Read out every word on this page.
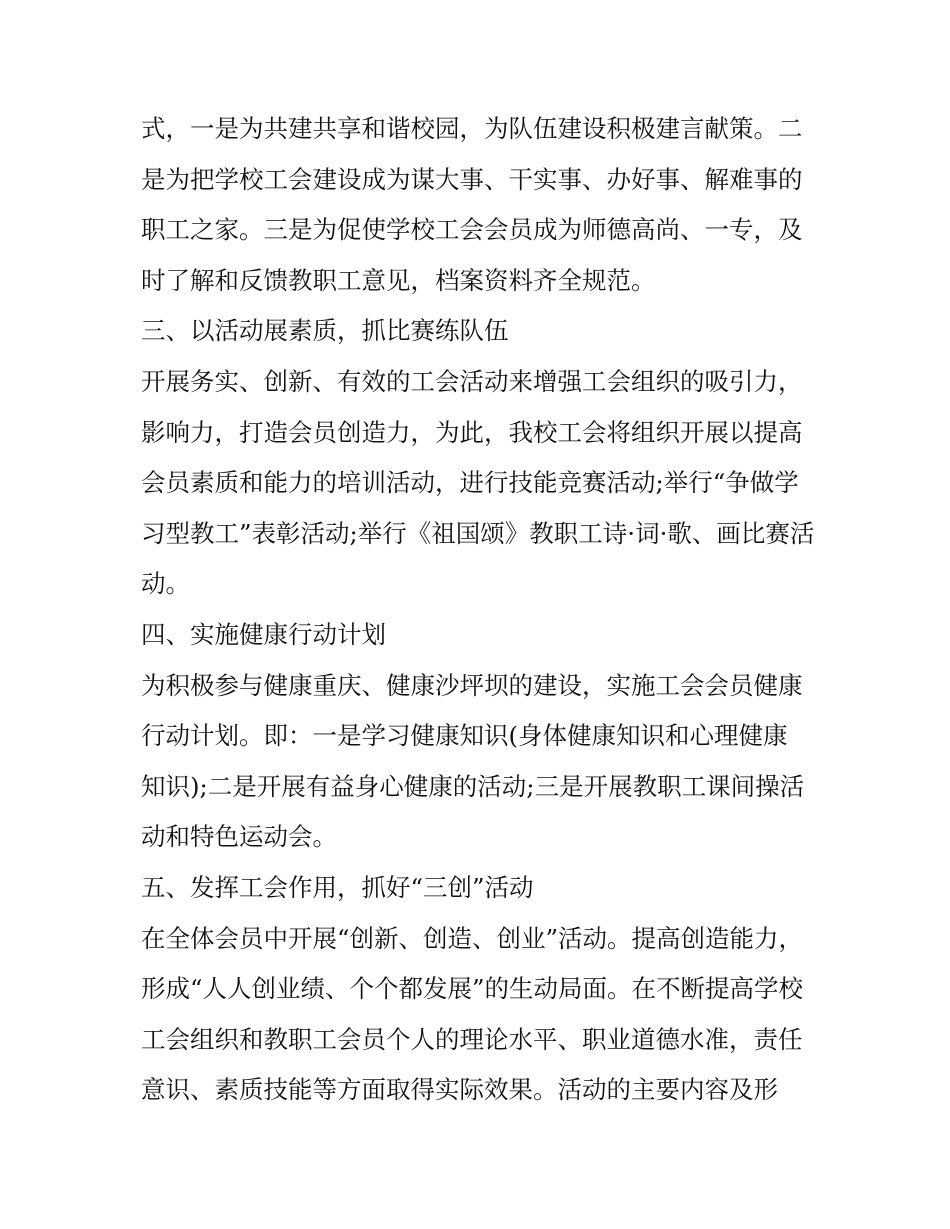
式，一是为共建共享和谐校园，为队伍建设积极建言献策。二

是为把学校工会建设成为谋大事、干实事、办好事、解难事的

职工之家。三是为促使学校工会会员成为师德高尚、一专，及

时了解和反馈教职工意见，档案资料齐全规范。

三、以活动展素质，抓比赛练队伍

开展务实、创新、有效的工会活动来增强工会组织的吸引力，

影响力，打造会员创造力，为此，我校工会将组织开展以提高

会员素质和能力的培训活动，进行技能竞赛活动;举行“争做学

习型教工”表彰活动;举行《祖国颂》教职工诗·词·歌、画比赛活

动。

四、实施健康行动计划

为积极参与健康重庆、健康沙坪坝的建设，实施工会会员健康

行动计划。即：一是学习健康知识(身体健康知识和心理健康

知识);二是开展有益身心健康的活动;三是开展教职工课间操活

动和特色运动会。

五、发挥工会作用，抓好“三创”活动

在全体会员中开展“创新、创造、创业”活动。提高创造能力，

形成“人人创业绩、个个都发展”的生动局面。在不断提高学校

工会组织和教职工会员个人的理论水平、职业道德水准，责任

意识、素质技能等方面取得实际效果。活动的主要内容及形
